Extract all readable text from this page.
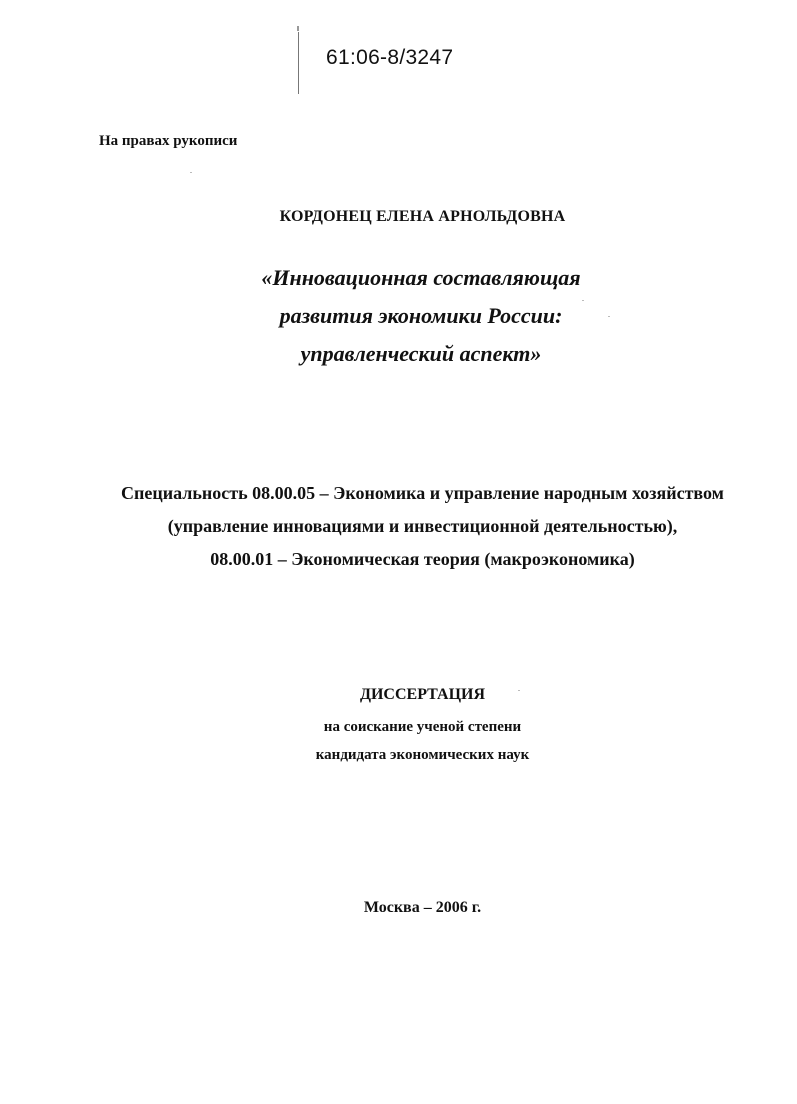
61:06-8/3247
На правах рукописи
КОРДОНЕЦ ЕЛЕНА АРНОЛЬДОВНА
«Инновационная составляющая
развития экономики России:
управленческий аспект»
Специальность 08.00.05 – Экономика и управление народным хозяйством
(управление инновациями и инвестиционной деятельностью),
08.00.01 – Экономическая теория (макроэкономика)
ДИССЕРТАЦИЯ
на соискание ученой степени
кандидата экономических наук
Москва – 2006 г.
